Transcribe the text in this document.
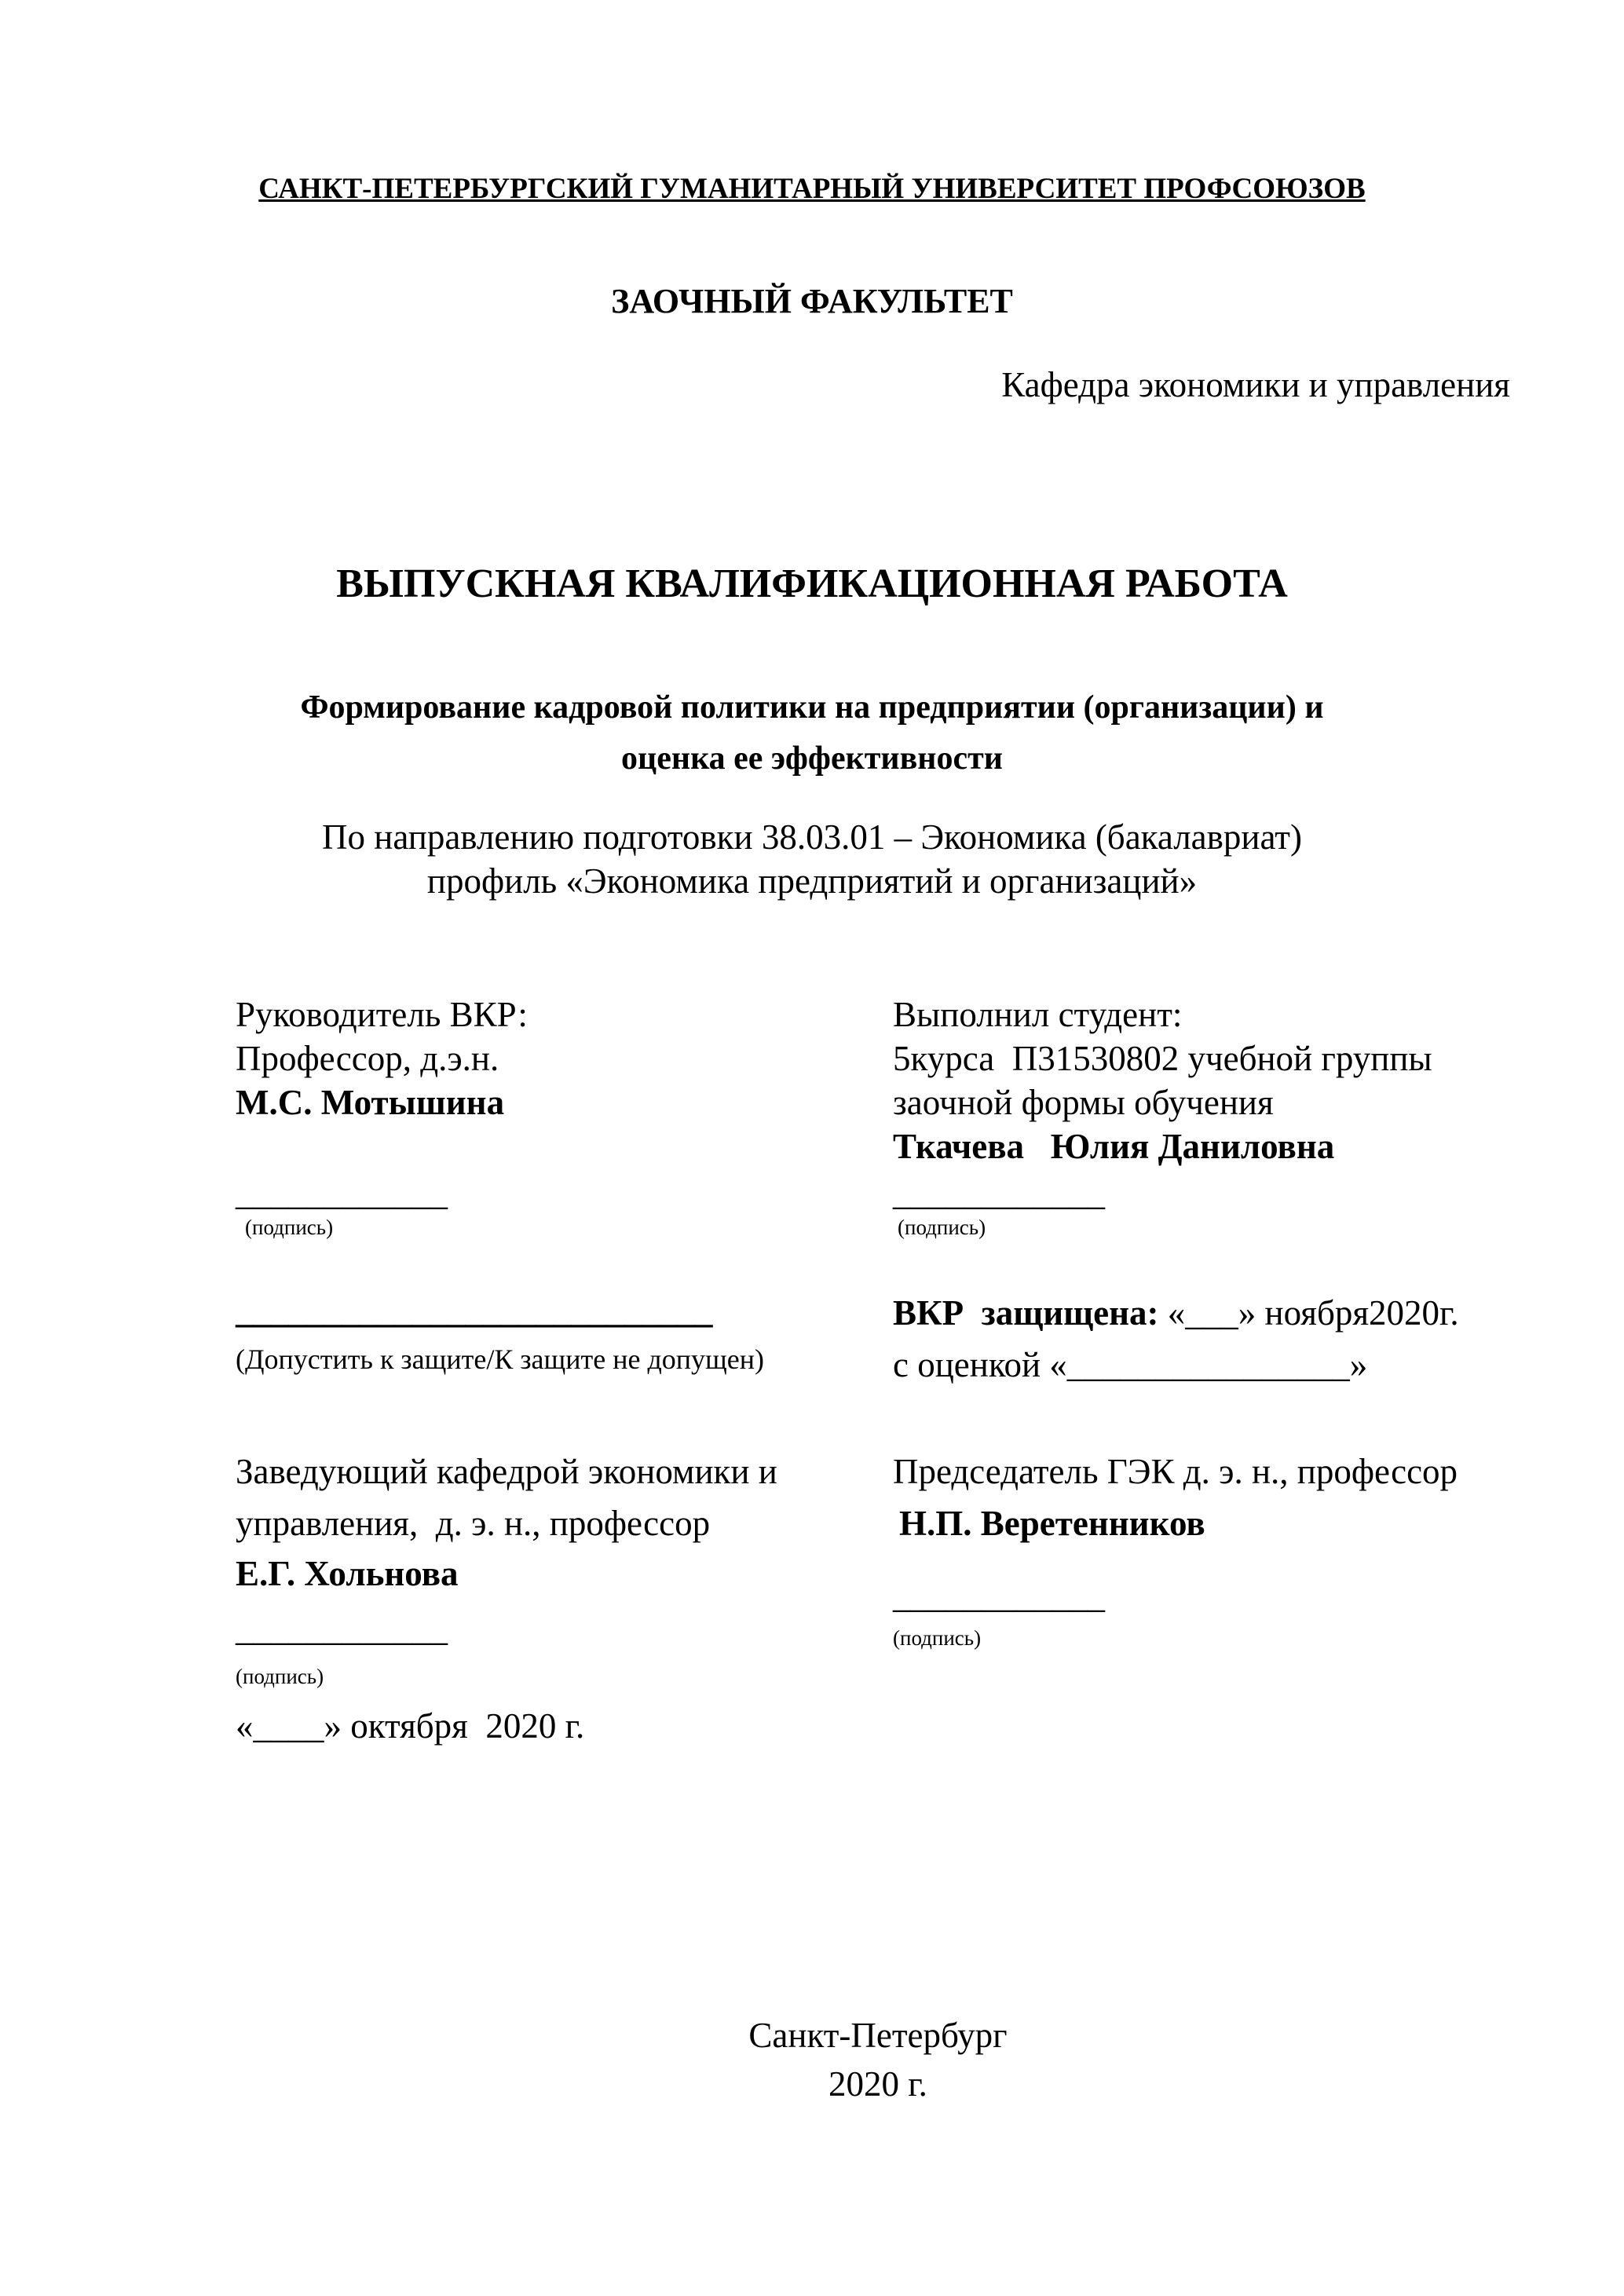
САНКТ-ПЕТЕРБУРГСКИЙ ГУМАНИТАРНЫЙ УНИВЕРСИТЕТ ПРОФСОЮЗОВ
ЗАОЧНЫЙ ФАКУЛЬТЕТ
Кафедра экономики и управления
ВЫПУСКНАЯ КВАЛИФИКАЦИОННАЯ РАБОТА
Формирование кадровой политики на предприятии (организации) и
оценка ее эффективности
По направлению подготовки 38.03.01 – Экономика (бакалавриат)
профиль «Экономика предприятий и организаций»
Руководитель ВКР:
Профессор, д.э.н.
М.С. Мотышина
____________
(подпись)
Выполнил студент:
5курса  П31530802 учебной группы
заочной формы обучения
Ткачева   Юлия Даниловна
____________
(подпись)
___________________________
(Допустить к защите/К защите не допущен)
ВКР  защищена: «___» ноября2020г.
с оценкой «________________»
Заведующий кафедрой экономики и
управления,  д. э. н., профессор
Е.Г. Хольнова
____________
(подпись)
«____» октября  2020 г.
Председатель ГЭК д. э. н., профессор
Н.П. Веретенников
____________
(подпись)
Санкт-Петербург
2020 г.
